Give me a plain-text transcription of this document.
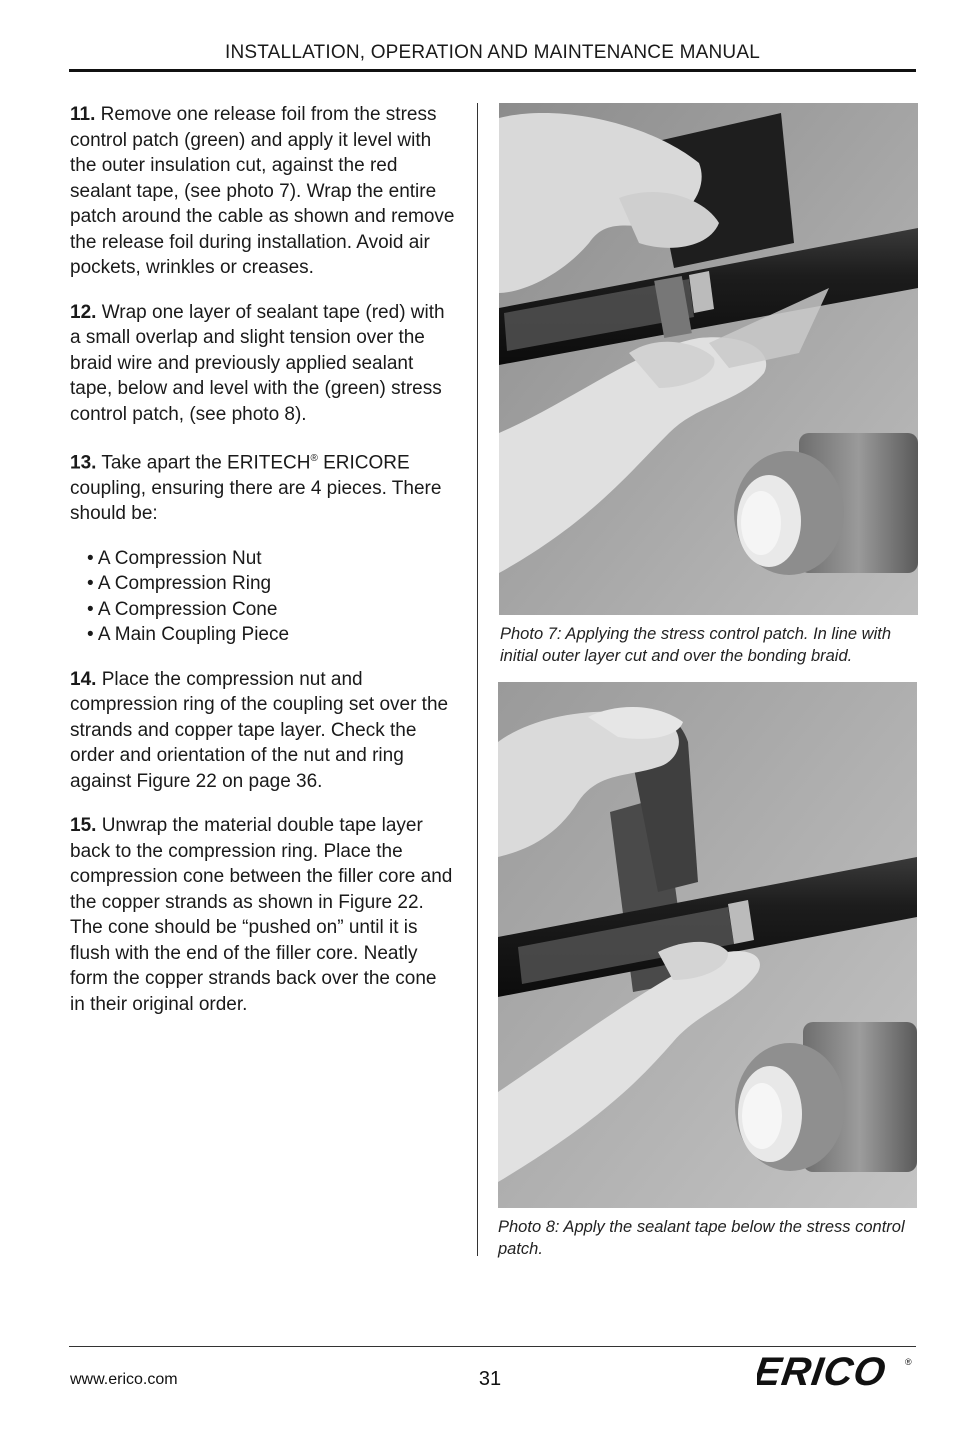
INSTALLATION, OPERATION AND MAINTENANCE MANUAL

11. Remove one release foil from the stress control patch (green) and apply it level with the outer insulation cut, against the red sealant tape, (see photo 7). Wrap the entire patch around the cable as shown and remove the release foil during installation. Avoid air pockets, wrinkles or creases.

12. Wrap one layer of sealant tape (red) with a small overlap and slight tension over the braid wire and previously applied sealant tape, below and level with the (green) stress control patch, (see photo 8).

13. Take apart the ERITECH® ERICORE coupling, ensuring there are 4 pieces. There should be:

• A Compression Nut
• A Compression Ring
• A Compression Cone
• A Main Coupling Piece

14. Place the compression nut and compression ring of the coupling set over the strands and copper tape layer. Check the order and orientation of the nut and ring against Figure 22 on page 36.

15. Unwrap the material double tape layer back to the compression ring. Place the compression cone between the filler core and the copper strands as shown in Figure 22. The cone should be “pushed on” until it is flush with the end of the filler core. Neatly form the copper strands back over the cone in their original order.

Photo 7: Applying the stress control patch. In line with initial outer layer cut and over the bonding braid.
Photo 8: Apply the sealant tape below the stress control patch.
www.erico.com	31	ERICO ®
